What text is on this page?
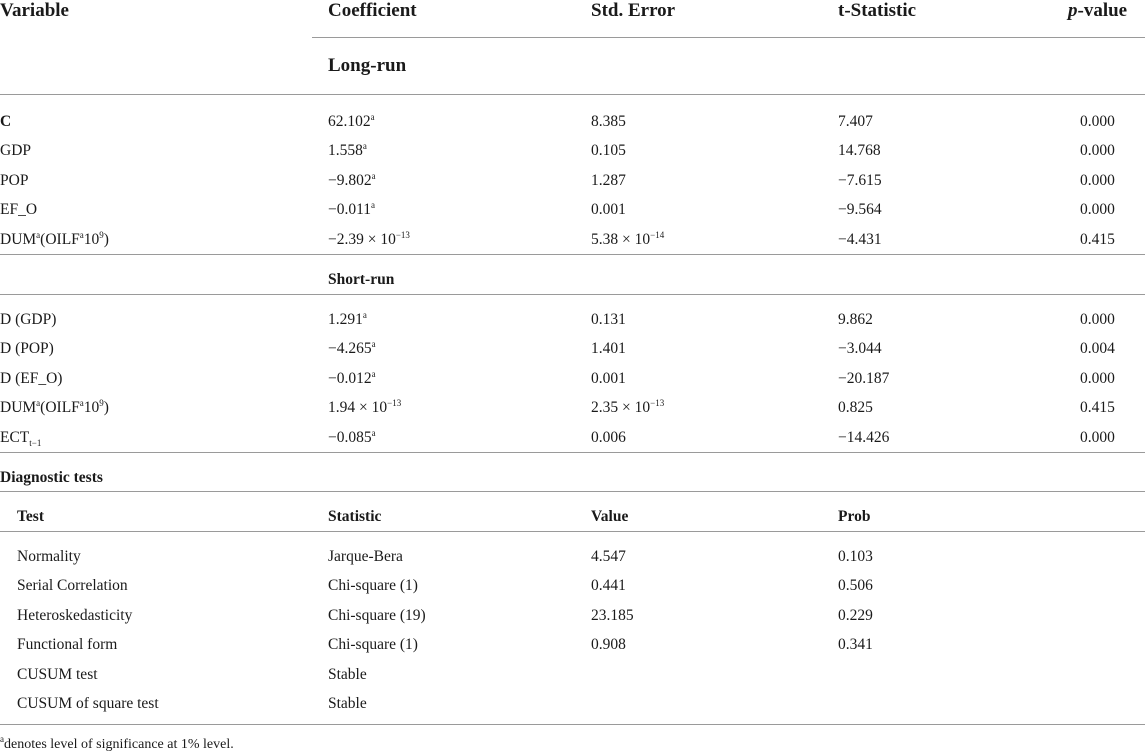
Variable	Coefficient	Std. Error	t-Statistic	p-value
Long-run
C	62.102$^a$	8.385	7.407	0.000
GDP	1.558$^a$	0.105	14.768	0.000
POP	−9.802$^a$	1.287	−7.615	0.000
EF_O	−0.011$^a$	0.001	−9.564	0.000
$DUM^a(OILF^a10^9)$	$-2.39 \times 10^{-13}$	$5.38 \times 10^{-14}$	−4.431	0.415
Short-run
D (GDP)	1.291$^a$	0.131	9.862	0.000
D (POP)	−4.265$^a$	1.401	−3.044	0.004
D (EF_O)	−0.012$^a$	0.001	−20.187	0.000
$DUM^a(OILF^a10^9)$	$1.94 \times 10^{-13}$	$2.35 \times 10^{-13}$	0.825	0.415
$ECT_{t-1}$	−0.085$^a$	0.006	−14.426	0.000
Diagnostic tests
Test	Statistic	Value	Prob
Normality	Jarque-Bera	4.547	0.103
Serial Correlation	Chi-square (1)	0.441	0.506
Heteroskedasticity	Chi-square (19)	23.185	0.229
Functional form	Chi-square (1)	0.908	0.341
CUSUM test	Stable
CUSUM of square test	Stable
$^a$denotes level of significance at 1% level.
